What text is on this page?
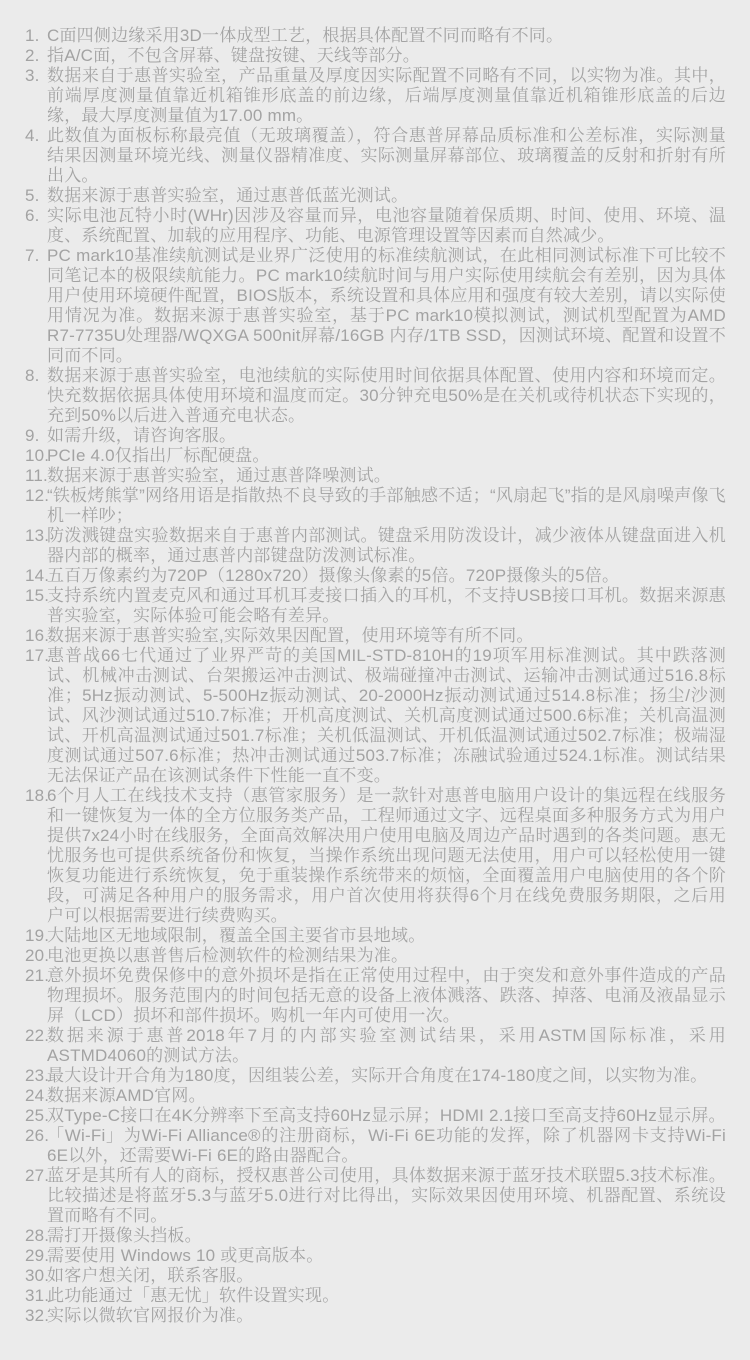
1. C面四侧边缘采用3D一体成型工艺，根据具体配置不同而略有不同。
2. 指A/C面，不包含屏幕、键盘按键、天线等部分。
3. 数据来自于惠普实验室，产品重量及厚度因实际配置不同略有不同，以实物为准。其中，前端厚度测量值靠近机箱锥形底盖的前边缘，后端厚度测量值靠近机箱锥形底盖的后边缘，最大厚度测量值为17.00 mm。
4. 此数值为面板标称最亮值（无玻璃覆盖），符合惠普屏幕品质标准和公差标准，实际测量结果因测量环境光线、测量仪器精准度、实际测量屏幕部位、玻璃覆盖的反射和折射有所出入。
5. 数据来源于惠普实验室，通过惠普低蓝光测试。
6. 实际电池瓦特小时(WHr)因涉及容量而异，电池容量随着保质期、时间、使用、环境、温度、系统配置、加载的应用程序、功能、电源管理设置等因素而自然减少。
7. PC mark10基准续航测试是业界广泛使用的标准续航测试，在此相同测试标准下可比较不同笔记本的极限续航能力。PC mark10续航时间与用户实际使用续航会有差别，因为具体用户使用环境硬件配置，BIOS版本，系统设置和具体应用和强度有较大差别，请以实际使用情况为准。数据来源于惠普实验室，基于PC mark10模拟测试，测试机型配置为AMD R7-7735U处理器/WQXGA 500nit屏幕/16GB 内存/1TB SSD，因测试环境、配置和设置不同而不同。
8. 数据来源于惠普实验室，电池续航的实际使用时间依据具体配置、使用内容和环境而定。快充数据依据具体使用环境和温度而定。30分钟充电50%是在关机或待机状态下实现的，充到50%以后进入普通充电状态。
9. 如需升级，请咨询客服。
10.
PCIe 4.0仅指出厂标配硬盘。
11. 数据来源于惠普实验室，通过惠普降噪测试。
12.
“铁板烤熊掌”网络用语是指散热不良导致的手部触感不适；“风扇起飞”指的是风扇噪声像飞机一样吵；
13.
防泼溅键盘实验数据来自于惠普内部测试。键盘采用防泼设计，减少液体从键盘面进入机器内部的概率，通过惠普内部键盘防泼测试标准。
14.
五百万像素约为720P（1280x720）摄像头像素的5倍。720P摄像头的5倍。
15.
支持系统内置麦克风和通过耳机耳麦接口插入的耳机，不支持USB接口耳机。数据来源惠普实验室，实际体验可能会略有差异。
16.
数据来源于惠普实验室,实际效果因配置，使用环境等有所不同。
17.
惠普战66七代通过了业界严苛的美国MIL-STD-810H的19项军用标准测试。其中跌落测试、机械冲击测试、台架搬运冲击测试、极端碰撞冲击测试、运输冲击测试通过516.8标准；5Hz振动测试、5-500Hz振动测试、20-2000Hz振动测试通过514.8标准；扬尘/沙测试、风沙测试通过510.7标准；开机高度测试、关机高度测试通过500.6标准；关机高温测试、开机高温测试通过501.7标准；关机低温测试、开机低温测试通过502.7标准；极端湿度测试通过507.6标准；热冲击测试通过503.7标准；冻融试验通过524.1标准。测试结果无法保证产品在该测试条件下性能一直不变。
18.
6个月人工在线技术支持（惠管家服务）是一款针对惠普电脑用户设计的集远程在线服务和一键恢复为一体的全方位服务类产品，工程师通过文字、远程桌面多种服务方式为用户提供7x24小时在线服务，全面高效解决用户使用电脑及周边产品时遇到的各类问题。惠无忧服务也可提供系统备份和恢复，当操作系统出现问题无法使用，用户可以轻松使用一键恢复功能进行系统恢复，免于重装操作系统带来的烦恼，全面覆盖用户电脑使用的各个阶段，可满足各种用户的服务需求，用户首次使用将获得6个月在线免费服务期限，之后用户可以根据需要进行续费购买。
19.
大陆地区无地域限制，覆盖全国主要省市县地域。
20.
电池更换以惠普售后检测软件的检测结果为准。
21.
意外损坏免费保修中的意外损坏是指在正常使用过程中，由于突发和意外事件造成的产品物理损坏。服务范围内的时间包括无意的设备上液体溅落、跌落、掉落、电涌及液晶显示屏（LCD）损坏和部件损坏。购机一年内可使用一次。
22.
数据来源于惠普2018年7月的内部实验室测试结果，采用ASTM国际标准，采用ASTMD4060的测试方法。
23.
最大设计开合角为180度，因组装公差，实际开合角度在174-180度之间，以实物为准。
24.
数据来源AMD官网。
25.
双Type-C接口在4K分辨率下至高支持60Hz显示屏；HDMI 2.1接口至高支持60Hz显示屏。
26.
「Wi-Fi」为Wi-Fi Alliance®的注册商标，Wi-Fi 6E功能的发挥，除了机器网卡支持Wi-Fi 6E以外，还需要Wi-Fi 6E的路由器配合。
27.
蓝牙是其所有人的商标，授权惠普公司使用，具体数据来源于蓝牙技术联盟5.3技术标准。比较描述是将蓝牙5.3与蓝牙5.0进行对比得出，实际效果因使用环境、机器配置、系统设置而略有不同。
28.
需打开摄像头挡板。
29.
需要使用 Windows 10 或更高版本。
30.
如客户想关闭，联系客服。
31.
此功能通过「惠无忧」软件设置实现。
32.
实际以微软官网报价为准。
